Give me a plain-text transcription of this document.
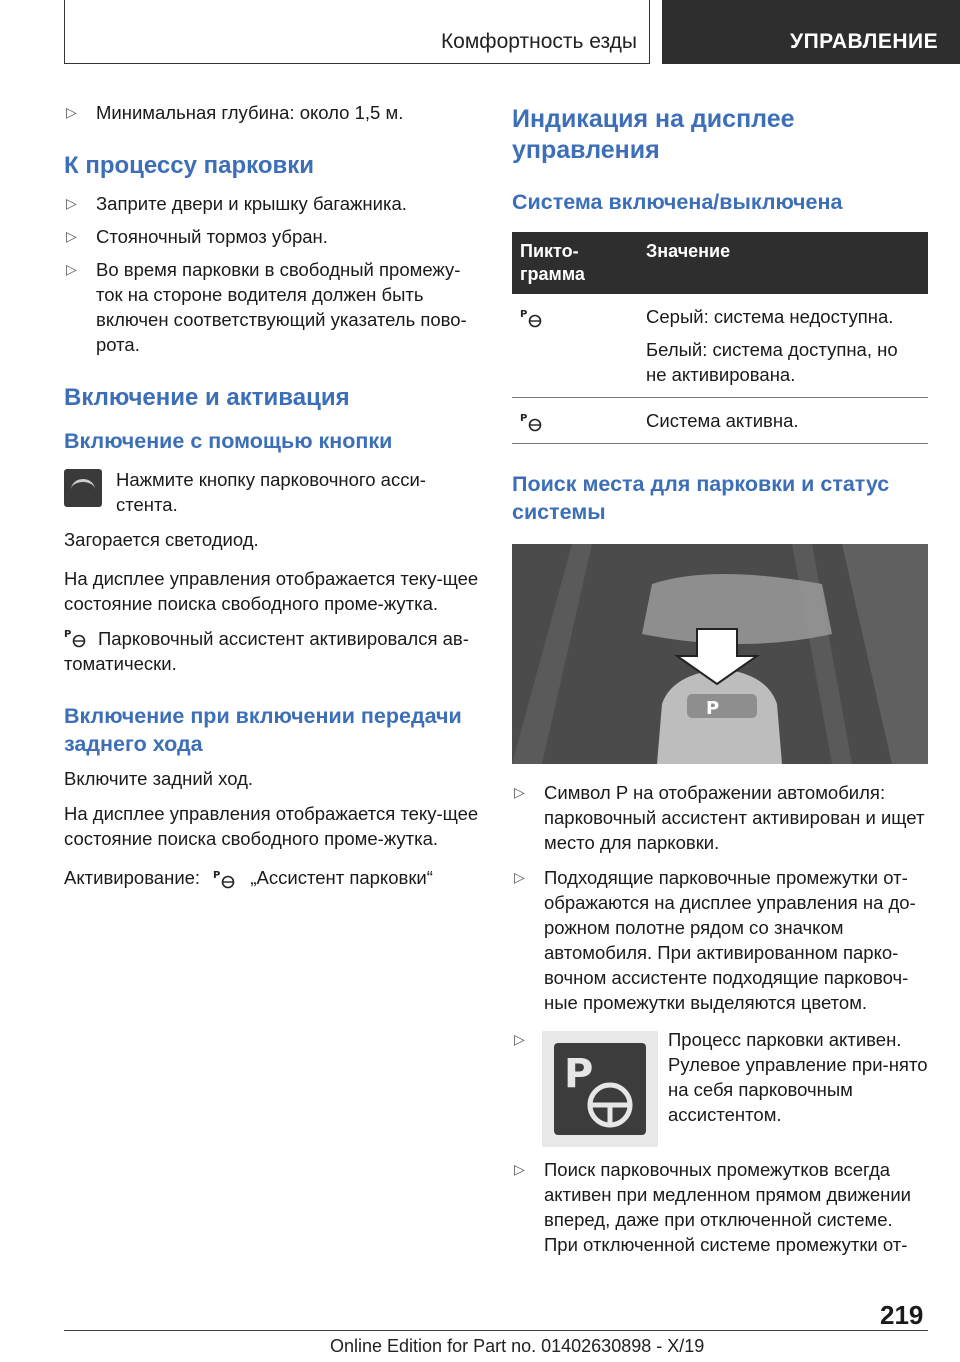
Комфортность езды	УПРАВЛЕНИЕ
▷ Минимальная глубина: около 1,5 м.
К процессу парковки
▷ Заприте двери и крышку багажника.
▷ Стояночный тормоз убран.
▷ Во время парковки в свободный промежу-ток на стороне водителя должен быть включен соответствующий указатель пово-рота.
Включение и активация
Включение с помощью кнопки

Нажмите кнопку парковочного асси-стента.

Загорается светодиод.

На дисплее управления отображается теку-щее состояние поиска свободного проме-жутка.

P	Парковочный ассистент активировался ав-томатически.

Включение при включении передачи заднего хода

Включите задний ход.

На дисплее управления отображается теку-щее состояние поиска свободного проме-жутка.

Активирование: P „Ассистент парковки“

Индикация на дисплее управления
Система включена/выключена
Пикто-грамма	Значение

P	Серый: система недоступна.

Белый: система доступна, но не активирована.

P	Система активна.
Поиск места для парковки и статус системы
P
▷ Символ P на отображении автомобиля: парковочный ассистент активирован и ищет место для парковки.
▷ Подходящие парковочные промежутки от-ображаются на дисплее управления на до-рожном полотне рядом со значком автомобиля. При активированном парко-вочном ассистенте подходящие парковоч-ные промежутки выделяются цветом.
▷
P

Процесс парковки активен. Рулевое управление при-нято на себя парковочным ассистентом.

▷ Поиск парковочных промежутков всегда активен при медленном прямом движении вперед, даже при отключенной системе. При отключенной системе промежутки от-
219
Online Edition for Part no. 01402630898 - X/19
